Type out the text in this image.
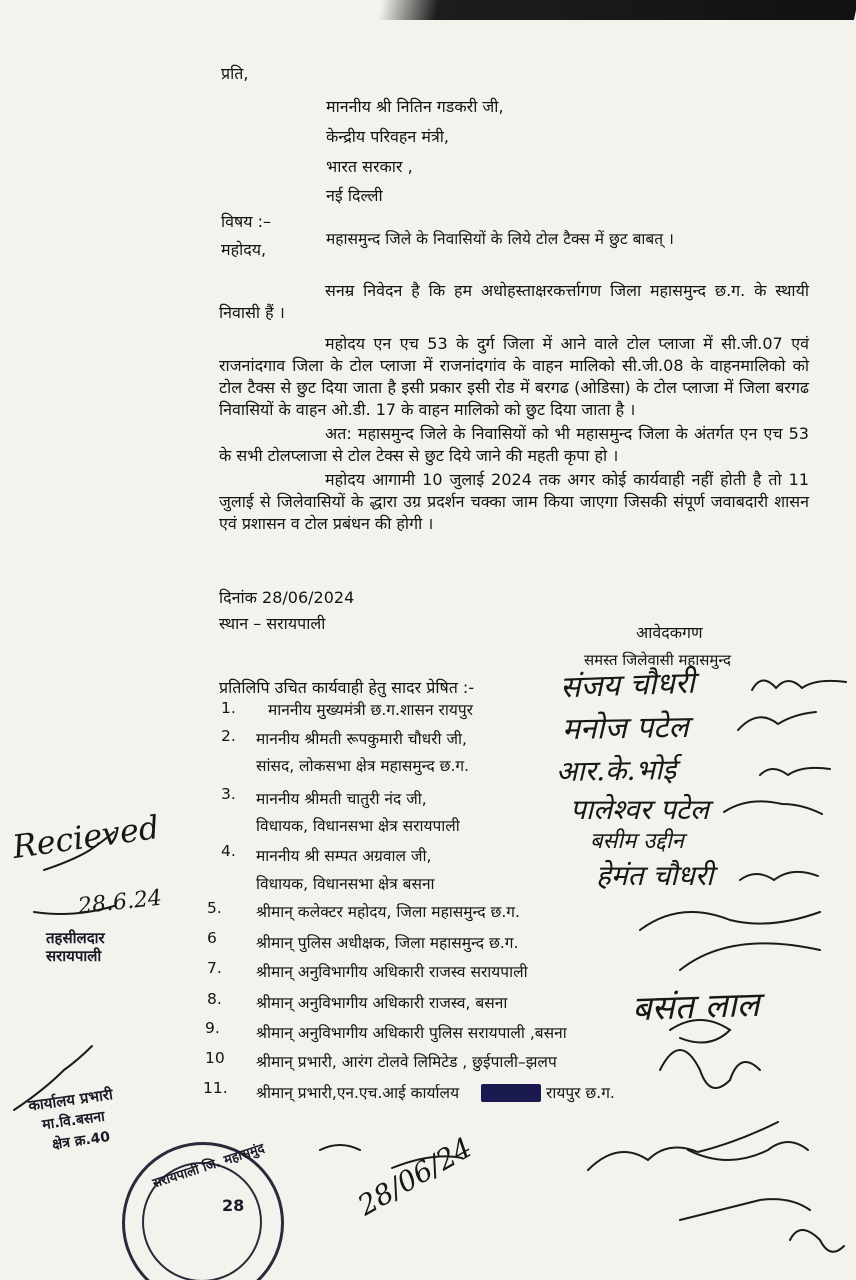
प्रति,
माननीय श्री नितिन गडकरी जी,
केन्द्रीय परिवहन मंत्री,
भारत सरकार ,
नई दिल्ली
विषय :–
महासमुन्द जिले के निवासियों के लिये टोल टैक्स में छुट बाबत् ।
महोदय,
सनम्र निवेदन है कि हम अधोहस्ताक्षरकर्त्तागण जिला महासमुन्द छ.ग. के स्थायी निवासी हैं ।
महोदय एन एच 53 के दुर्ग जिला में आने वाले टोल प्लाजा में सी.जी.07 एवं राजनांदगाव जिला के टोल प्लाजा में राजनांदगांव के वाहन मालिको सी.जी.08 के वाहनमालिको को टोल टैक्स से छुट दिया जाता है इसी प्रकार इसी रोड में बरगढ (ओडिसा) के टोल प्लाजा में जिला बरगढ निवासियों के वाहन ओ.डी. 17 के वाहन मालिको को छुट दिया जाता है ।
अत: महासमुन्द जिले के निवासियों को भी महासमुन्द जिला के अंतर्गत एन एच 53 के सभी टोलप्लाजा से टोल टेक्स से छुट दिये जाने की महती कृपा हो ।
महोदय आगामी 10 जुलाई 2024 तक अगर कोई कार्यवाही नहीं होती है तो 11 जुलाई से जिलेवासियों के द्धारा उग्र प्रदर्शन चक्का जाम किया जाएगा जिसकी संपूर्ण जवाबदारी शासन एवं प्रशासन व टोल प्रबंधन की होगी ।
दिनांक 28/06/2024
स्थान – सरायपाली	आवेदकगण
समस्त जिलेवासी महासमुन्द
प्रतिलिपि उचित कार्यवाही हेतु सादर प्रेषित :-
1. माननीय मुख्यमंत्री छ.ग.शासन रायपुर
2. माननीय श्रीमती रूपकुमारी चौधरी जी,
सांसद, लोकसभा क्षेत्र महासमुन्द छ.ग.
3. माननीय श्रीमती चातुरी नंद जी,
विधायक, विधानसभा क्षेत्र सरायपाली
4. माननीय श्री सम्पत अग्रवाल जी,
विधायक, विधानसभा क्षेत्र बसना
5. श्रीमान् कलेक्टर महोदय, जिला महासमुन्द छ.ग.
6	श्रीमान् पुलिस अधीक्षक, जिला महासमुन्द छ.ग.
7. श्रीमान् अनुविभागीय अधिकारी राजस्व सरायपाली
8. श्रीमान् अनुविभागीय अधिकारी राजस्व, बसना
9. श्रीमान् अनुविभागीय अधिकारी पुलिस सरायपाली ,बसना
10 श्रीमान् प्रभारी, आरंग टोलवे लिमिटेड , छुईपाली–झलप
11. श्रीमान् प्रभारी,एन.एच.आई कार्यालय	रायपुर छ.ग.
संजय चौधरी
मनोज पटेल
आर.के.भोई
पालेश्वर पटेल
बसीम उद्दीन
हेमंत चौधरी
बसंत लाल
Recieved
28.6.24
तहसीलदार
सरायपाली
कार्यालय प्रभारी
मा.वि.बसना
क्षेत्र क्र.40
सरायपाली जि. महासमुंद
28	28/06/24
